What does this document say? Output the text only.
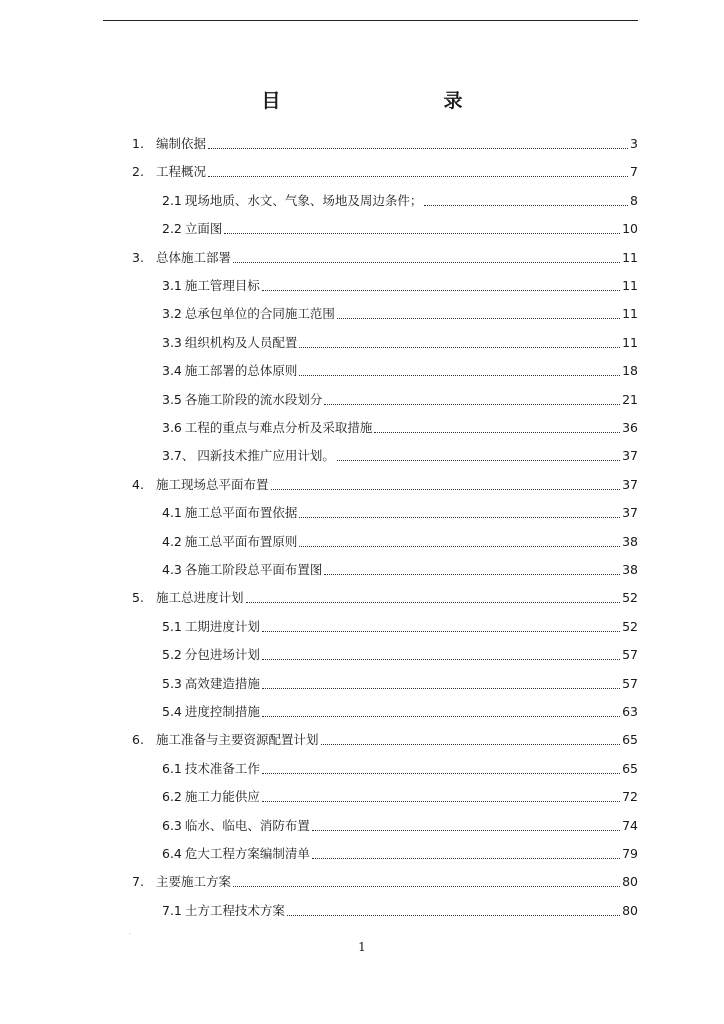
目　录
1. 编制依据	3
2. 工程概况	7
2.1 现场地质、水文、气象、场地及周边条件；	8
2.2 立面图	10
3. 总体施工部署	11
3.1 施工管理目标	11
3.2 总承包单位的合同施工范围	11
3.3 组织机构及人员配置	11
3.4 施工部署的总体原则	18
3.5 各施工阶段的流水段划分	21
3.6 工程的重点与难点分析及采取措施	36
3.7、 四新技术推广应用计划。	37
4. 施工现场总平面布置	37
4.1 施工总平面布置依据	37
4.2 施工总平面布置原则	38
4.3 各施工阶段总平面布置图	38
5. 施工总进度计划	52
5.1 工期进度计划	52
5.2 分包进场计划	57
5.3 高效建造措施	57
5.4 进度控制措施	63
6. 施工准备与主要资源配置计划	65
6.1 技术准备工作	65
6.2 施工力能供应	72
6.3 临水、临电、消防布置	74
6.4 危大工程方案编制清单	79
7. 主要施工方案	80
7.1 土方工程技术方案	80
.
1
